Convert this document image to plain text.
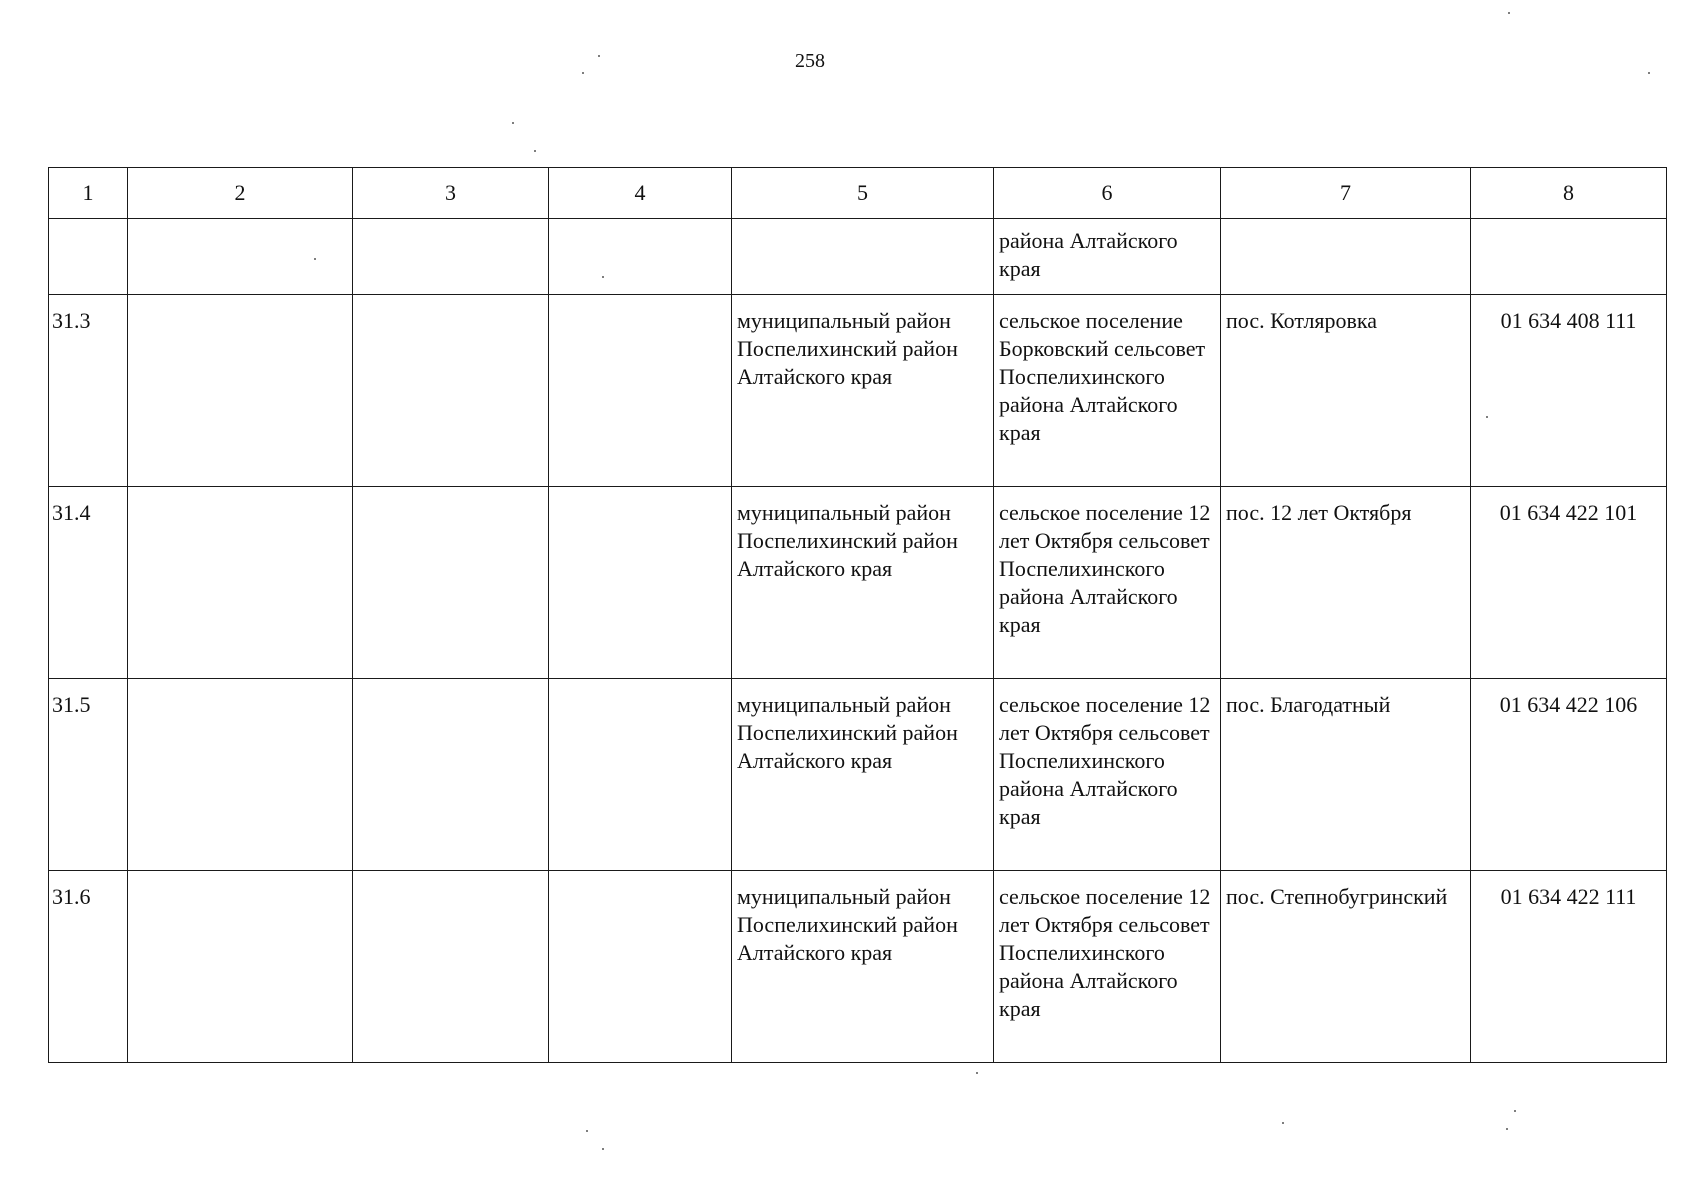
258
1	2	3	4	5	6	7	8
					района Алтайского края		
31.3				муниципальный район Поспелихинский район Алтайского края	сельское поселение Борковский сельсовет Поспелихинского района Алтайского края	пос. Котляровка	01 634 408 111
31.4				муниципальный район Поспелихинский район Алтайского края	сельское поселение 12 лет Октября сельсовет Поспелихинского района Алтайского края	пос. 12 лет Октября	01 634 422 101
31.5				муниципальный район Поспелихинский район Алтайского края	сельское поселение 12 лет Октября сельсовет Поспелихинского района Алтайского края	пос. Благодатный	01 634 422 106
31.6				муниципальный район Поспелихинский район Алтайского края	сельское поселение 12 лет Октября сельсовет Поспелихинского района Алтайского края	пос. Степнобугринский	01 634 422 111
